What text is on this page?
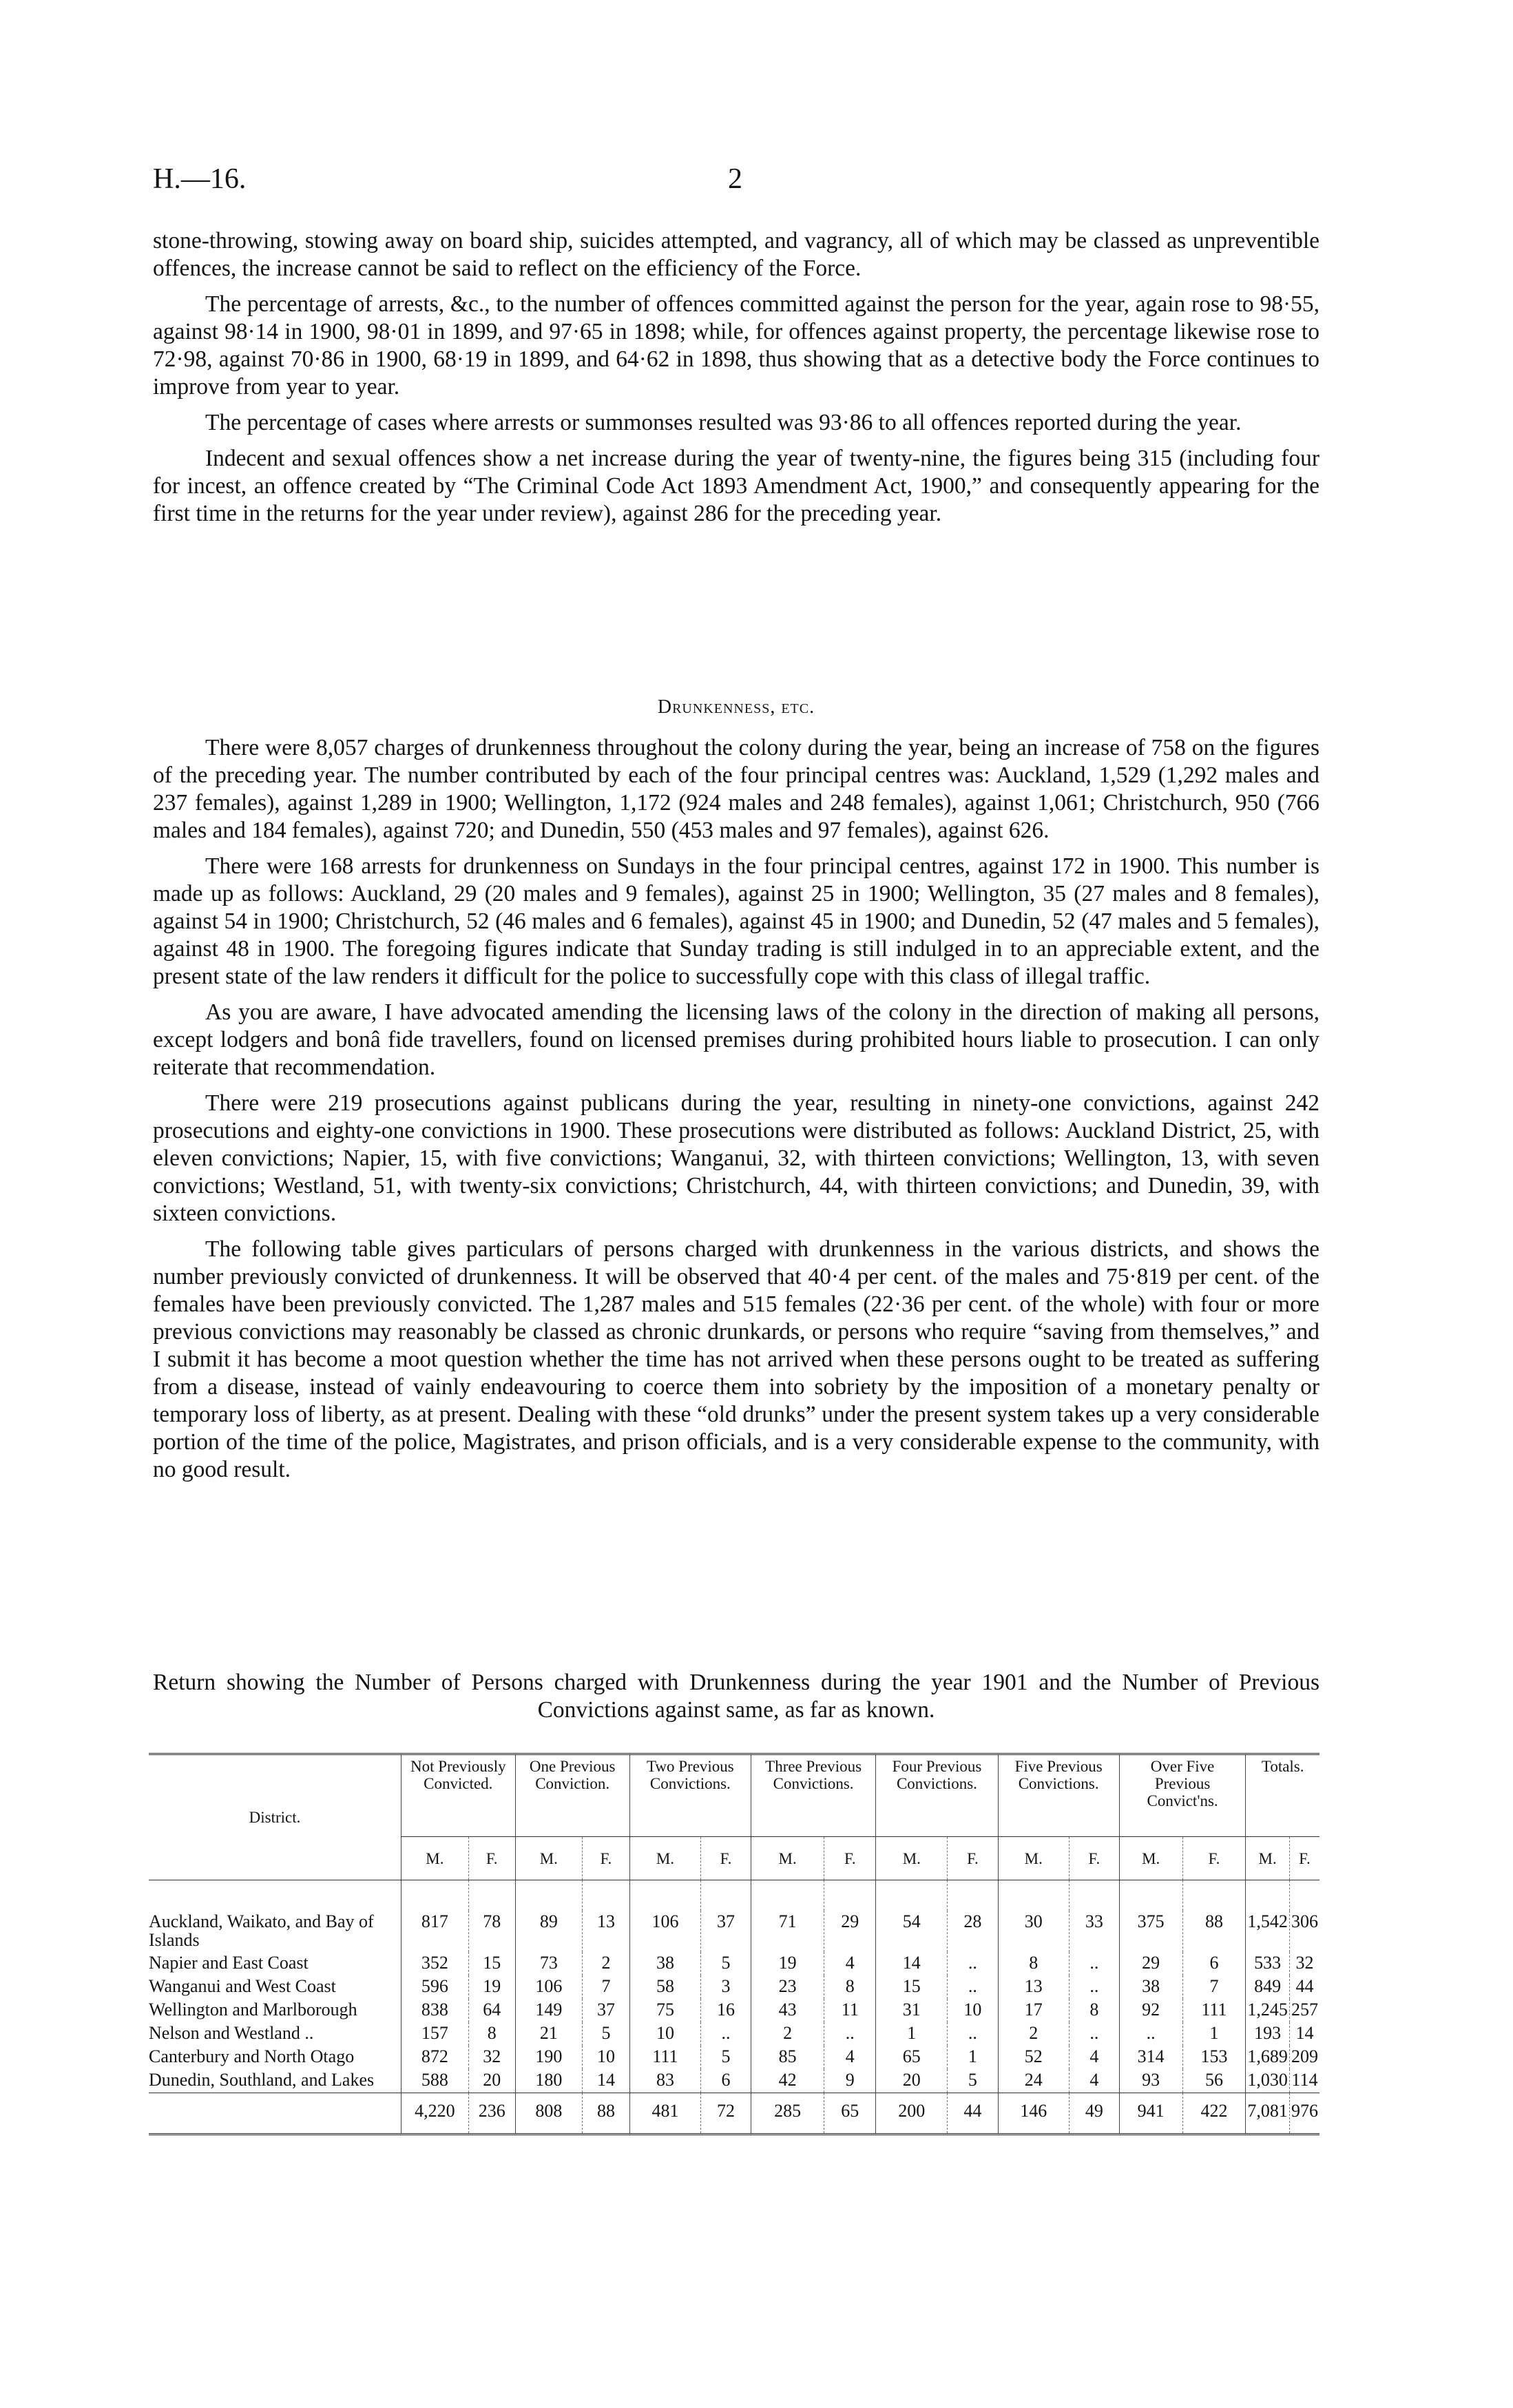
H.—16.	2

stone-throwing, stowing away on board ship, suicides attempted, and vagrancy, all of which may be classed as unpreventible offences, the increase cannot be said to reflect on the efficiency of the Force.

The percentage of arrests, &c., to the number of offences committed against the person for the year, again rose to 98·55, against 98·14 in 1900, 98·01 in 1899, and 97·65 in 1898; while, for offences against property, the percentage likewise rose to 72·98, against 70·86 in 1900, 68·19 in 1899, and 64·62 in 1898, thus showing that as a detective body the Force continues to improve from year to year.

The percentage of cases where arrests or summonses resulted was 93·86 to all offences reported during the year.

Indecent and sexual offences show a net increase during the year of twenty-nine, the figures being 315 (including four for incest, an offence created by “The Criminal Code Act 1893 Amendment Act, 1900,” and consequently appearing for the first time in the returns for the year under review), against 286 for the preceding year.

Drunkenness, etc.

There were 8,057 charges of drunkenness throughout the colony during the year, being an increase of 758 on the figures of the preceding year. The number contributed by each of the four principal centres was: Auckland, 1,529 (1,292 males and 237 females), against 1,289 in 1900; Wellington, 1,172 (924 males and 248 females), against 1,061; Christchurch, 950 (766 males and 184 females), against 720; and Dunedin, 550 (453 males and 97 females), against 626.

There were 168 arrests for drunkenness on Sundays in the four principal centres, against 172 in 1900. This number is made up as follows: Auckland, 29 (20 males and 9 females), against 25 in 1900; Wellington, 35 (27 males and 8 females), against 54 in 1900; Christchurch, 52 (46 males and 6 females), against 45 in 1900; and Dunedin, 52 (47 males and 5 females), against 48 in 1900. The foregoing figures indicate that Sunday trading is still indulged in to an appreciable extent, and the present state of the law renders it difficult for the police to successfully cope with this class of illegal traffic.

As you are aware, I have advocated amending the licensing laws of the colony in the direction of making all persons, except lodgers and bonâ fide travellers, found on licensed premises during prohibited hours liable to prosecution. I can only reiterate that recommendation.

There were 219 prosecutions against publicans during the year, resulting in ninety-one convictions, against 242 prosecutions and eighty-one convictions in 1900. These prosecutions were distributed as follows: Auckland District, 25, with eleven convictions; Napier, 15, with five convictions; Wanganui, 32, with thirteen convictions; Wellington, 13, with seven convictions; Westland, 51, with twenty-six convictions; Christchurch, 44, with thirteen convictions; and Dunedin, 39, with sixteen convictions.

The following table gives particulars of persons charged with drunkenness in the various districts, and shows the number previously convicted of drunkenness. It will be observed that 40·4 per cent. of the males and 75·819 per cent. of the females have been previously convicted. The 1,287 males and 515 females (22·36 per cent. of the whole) with four or more previous convictions may reasonably be classed as chronic drunkards, or persons who require “saving from themselves,” and I submit it has become a moot question whether the time has not arrived when these persons ought to be treated as suffering from a disease, instead of vainly endeavouring to coerce them into sobriety by the imposition of a monetary penalty or temporary loss of liberty, as at present. Dealing with these “old drunks” under the present system takes up a very considerable portion of the time of the police, Magistrates, and prison officials, and is a very considerable expense to the community, with no good result.

Return showing the Number of Persons charged with Drunkenness during the year 1901 and the Number of Previous Convictions against same, as far as known.
District.	Not Previously Convicted.		One Previous Conviction.		Two Previous Convictions.		Three Previous Convictions.		Four Previous Convictions.		Five Previous Convictions.		Over Five Previous Convict'ns.		Totals.	
	M.	F.	M.	F.	M.	F.	M.	F.	M.	F.	M.	F.	M.	F.	M.	F.

Auckland, Waikato, and Bay of Islands	817	78	89	13	106	37	71	29	54	28	30	33	375	88	1,542	306
Napier and East Coast	352	15	73	2	38	5	19	4	14	..	8	..	29	6	533	32
Wanganui and West Coast	596	19	106	7	58	3	23	8	15	..	13	..	38	7	849	44
Wellington and Marlborough	838	64	149	37	75	16	43	11	31	10	17	8	92	111	1,245	257
Nelson and Westland ..	157	8	21	5	10	..	2	..	1	..	2	..	..	1	193	14
Canterbury and North Otago	872	32	190	10	111	5	85	4	65	1	52	4	314	153	1,689	209
Dunedin, Southland, and Lakes	588	20	180	14	83	6	42	9	20	5	24	4	93	56	1,030	114
	4,220	236	808	88	481	72	285	65	200	44	146	49	941	422	7,081	976
